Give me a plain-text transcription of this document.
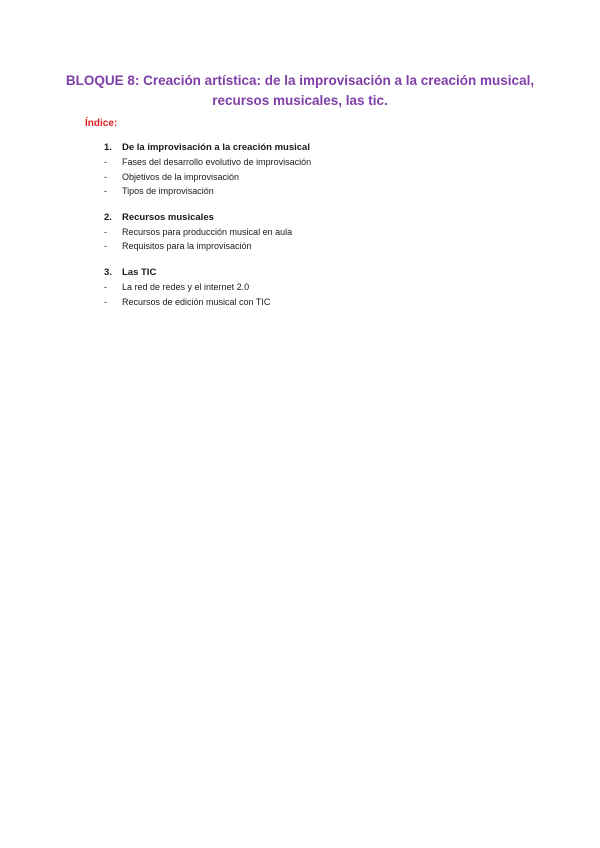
BLOQUE 8: Creación artística: de la improvisación a la creación musical,
recursos musicales, las tic.
Índice:
1.	De la improvisación a la creación musical
-	Fases del desarrollo evolutivo de improvisación
-	Objetivos de la improvisación
-	Tipos de improvisación
2.	Recursos musicales
-	Recursos para producción musical en aula
-	Requisitos para la improvisación
3.	Las TIC
-	La red de redes y el internet 2.0
-	Recursos de edición musical con TIC
